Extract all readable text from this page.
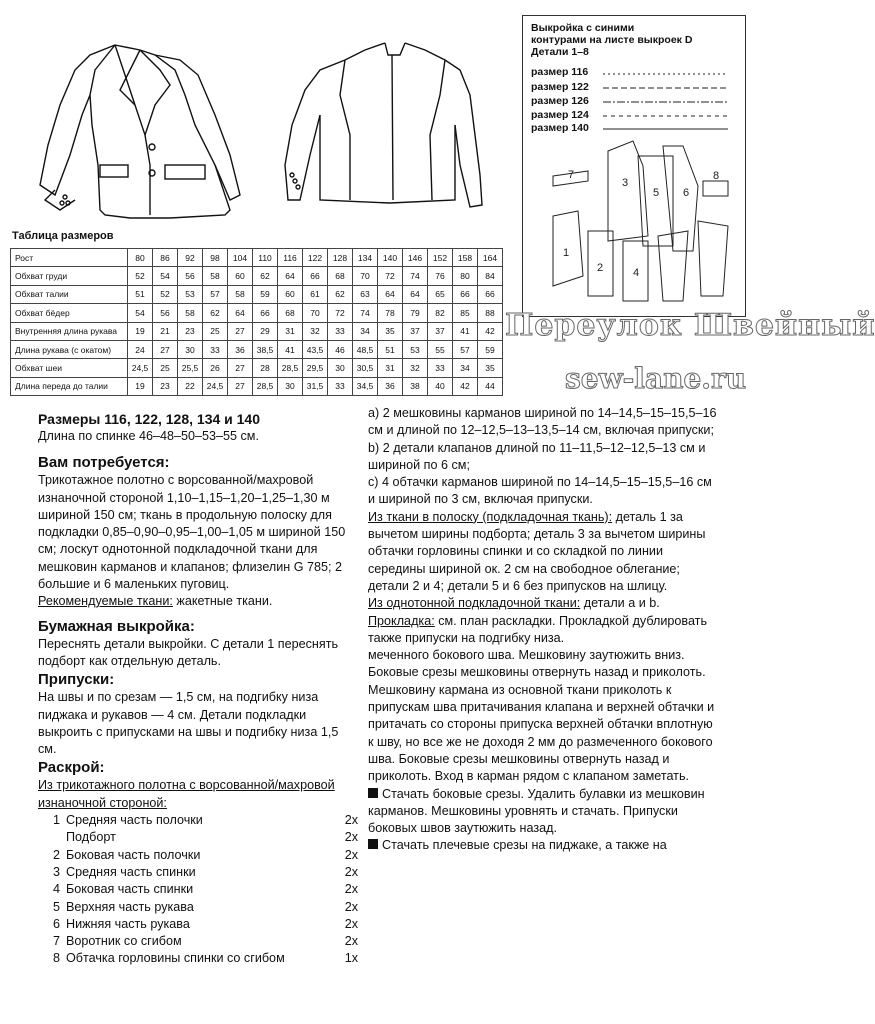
Выкройка с синими
контурами на листе выкроек D
Детали 1–8
размер 116
размер 122
размер 126
размер 124
размер 140
3
5 6
7	8
1
2	4
Переулок Швейный
sew-lane.ru
Таблица размеров
Рост	80	86	92	98	104	110	116	122	128	134	140	146	152	158	164
Обхват груди	52	54	56	58	60	62	64	66	68	70	72	74	76	80	84
Обхват талии	51	52	53	57	58	59	60	61	62	63	64	64	65	66	66
Обхват бёдер	54	56	58	62	64	66	68	70	72	74	78	79	82	85	88
Внутренняя длина рукава	19	21	23	25	27	29	31	32	33	34	35	37	37	41	42
Длина рукава (с окатом)	24	27	30	33	36	38,5	41	43,5	46	48,5	51	53	55	57	59
Обхват шеи	24,5	25	25,5	26	27	28	28,5	29,5	30	30,5	31	32	33	34	35
Длина переда до талии	19	23	22	24,5	27	28,5	30	31,5	33	34,5	36	38	40	42	44
Размеры 116, 122, 128, 134 и 140

Длина по спинке 46–48–50–53–55 см.

Вам потребуется:

Трикотажное полотно с ворсованной/махровой изнаночной стороной 1,10–1,15–1,20–1,25–1,30 м шириной 150 см; ткань в продольную полоску для подкладки 0,85–0,90–0,95–1,00–1,05 м шириной 150 см; лоскут однотонной подкладочной ткани для мешковин карманов и клапанов; флизелин G 785; 2 большие и 6 маленьких пуговиц.

Рекомендуемые ткани: жакетные ткани.

Бумажная выкройка:

Переснять детали выкройки. С детали 1 переснять подборт как отдельную деталь.

Припуски:

На швы и по срезам — 1,5 см, на подгибку низа пиджака и рукавов — 4 см. Детали подкладки выкроить с припусками на швы и подгибку низа 1,5 см.

Раскрой:

Из трикотажного полотна с ворсованной/махровой изнаночной стороной:

1 Средняя часть полочки	2x
Подборт	2x
2 Боковая часть полочки	2x
3 Средняя часть спинки	2x
4 Боковая часть спинки	2x
5 Верхняя часть рукава	2x
6 Нижняя часть рукава	2x
7 Воротник со сгибом	2x
8 Обтачка горловины спинки со сгибом	1x

a) 2 мешковины карманов шириной по 14–14,5–15–15,5–16 см и длиной по 12–12,5–13–13,5–14 см, включая припуски;

b) 2 детали клапанов длиной по 11–11,5–12–12,5–13 см и шириной по 6 см;

c) 4 обтачки карманов шириной по 14–14,5–15–15,5–16 см и шириной по 3 см, включая припуски.

Из ткани в полоску (подкладочная ткань): деталь 1 за вычетом ширины подборта; деталь 3 за вычетом ширины обтачки горловины спинки и со складкой по линии середины шириной ок. 2 см на свободное облегание; детали 2 и 4; детали 5 и 6 без припусков на шлицу.

Из однотонной подкладочной ткани: детали a и b.

Прокладка: см. план раскладки. Прокладкой дублировать также припуски на подгибку низа.

меченного бокового шва. Мешковину заутюжить вниз. Боковые срезы мешковины отвернуть назад и приколоть. Мешковину кармана из основной ткани приколоть к припускам шва притачивания клапана и верхней обтачки и притачать со стороны припуска верхней обтачки вплотную к шву, но все же не доходя 2 мм до размеченного бокового шва. Боковые срезы мешковины отвернуть назад и приколоть. Вход в карман рядом с клапаном заметать.

Стачать боковые срезы. Удалить булавки из мешковин карманов. Мешковины уровнять и стачать. Припуски боковых швов заутюжить назад.

Стачать плечевые срезы на пиджаке, а также на
